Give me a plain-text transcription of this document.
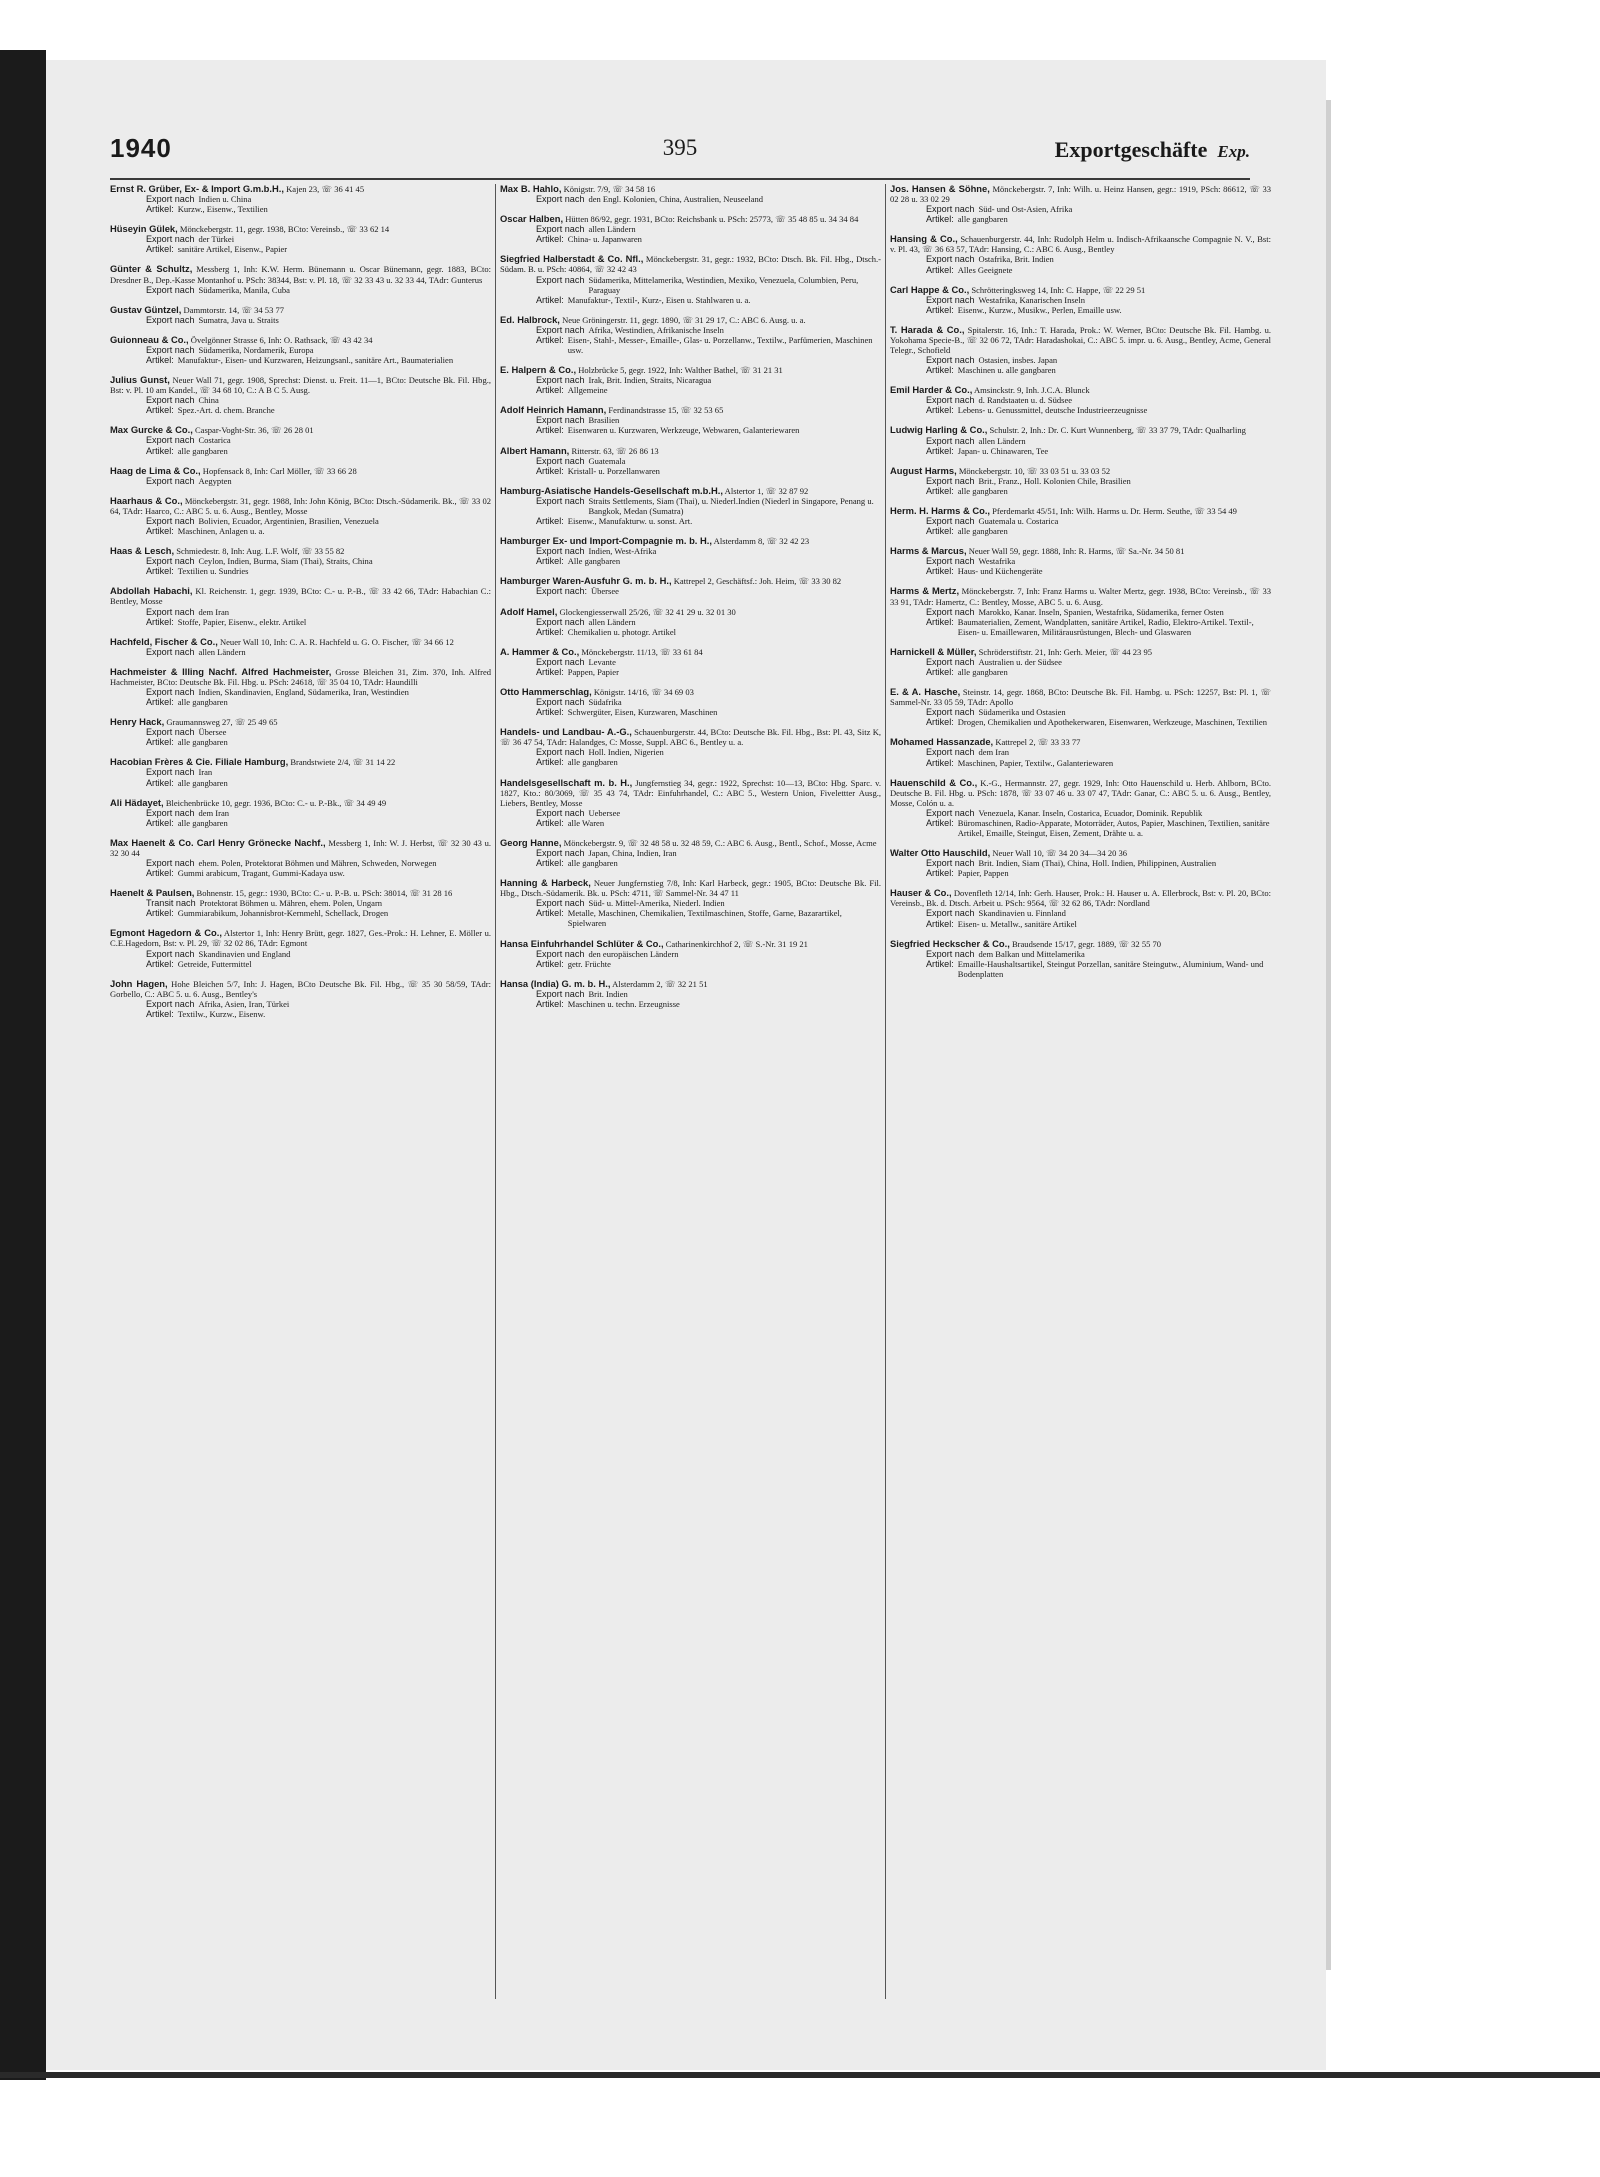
1940	395	Exportgeschäfte Exp.

Ernst R. Grüber, Ex- & Import G.m.b.H., Kajen 23, ☏ 36 41 45

Export nach Indien u. China
Artikel: Kurzw., Eisenw., Textilien

Hüseyin Gülek, Mönckebergstr. 11, gegr. 1938, BCto: Vereinsb., ☏ 33 62 14

Export nach der Türkei
Artikel: sanitäre Artikel, Eisenw., Papier

Günter & Schultz, Messberg 1, Inh: K.W. Herm. Bünemann u. Oscar Bünemann, gegr. 1883, BCto: Dresdner B., Dep.-Kasse Montanhof u. PSch: 38344, Bst: v. Pl. 18, ☏ 32 33 43 u. 32 33 44, TAdr: Gunterus

Export nach Südamerika, Manila, Cuba

Gustav Güntzel, Dammtorstr. 14, ☏ 34 53 77

Export nach Sumatra, Java u. Straits

Guionneau & Co., Övelgönner Strasse 6, Inh: O. Rathsack, ☏ 43 42 34

Export nach Südamerika, Nordamerik, Europa
Artikel: Manufaktur-, Eisen- und Kurzwaren, Heizungsanl., sanitäre Art., Baumaterialien

Julius Gunst, Neuer Wall 71, gegr. 1908, Sprechst: Dienst. u. Freit. 11—1, BCto: Deutsche Bk. Fil. Hbg., Bst: v. Pl. 10 am Kandel., ☏ 34 68 10, C.: A B C 5. Ausg.

Export nach China
Artikel: Spez.-Art. d. chem. Branche

Max Gurcke & Co., Caspar-Voght-Str. 36, ☏ 26 28 01

Export nach Costarica
Artikel: alle gangbaren

Haag de Lima & Co., Hopfensack 8, Inh: Carl Möller, ☏ 33 66 28

Export nach Aegypten

Haarhaus & Co., Mönckebergstr. 31, gegr. 1988, Inh: John König, BCto: Dtsch.-Südamerik. Bk., ☏ 33 02 64, TAdr: Haarco, C.: ABC 5. u. 6. Ausg., Bentley, Mosse

Export nach Bolivien, Ecuador, Argentinien, Brasilien, Venezuela
Artikel: Maschinen, Anlagen u. a.

Haas & Lesch, Schmiedestr. 8, Inh: Aug. L.F. Wolf, ☏ 33 55 82

Export nach Ceylon, Indien, Burma, Siam (Thai), Straits, China
Artikel: Textilien u. Sundries

Abdollah Habachi, Kl. Reichenstr. 1, gegr. 1939, BCto: C.- u. P.-B., ☏ 33 42 66, TAdr: Habachian C.: Bentley, Mosse

Export nach dem Iran
Artikel: Stoffe, Papier, Eisenw., elektr. Artikel

Hachfeld, Fischer & Co., Neuer Wall 10, Inh: C. A. R. Hachfeld u. G. O. Fischer, ☏ 34 66 12

Export nach allen Ländern

Hachmeister & Illing Nachf. Alfred Hachmeister, Grosse Bleichen 31, Zim. 370, Inh. Alfred Hachmeister, BCto: Deutsche Bk. Fil. Hbg. u. PSch: 24618, ☏ 35 04 10, TAdr: Haundilli

Export nach Indien, Skandinavien, England, Südamerika, Iran, Westindien
Artikel: alle gangbaren

Henry Hack, Graumannsweg 27, ☏ 25 49 65

Export nach Übersee
Artikel: alle gangbaren

Hacobian Frères & Cie. Filiale Hamburg, Brandstwiete 2/4, ☏ 31 14 22

Export nach Iran
Artikel: alle gangbaren

Ali Hädayet, Bleichenbrücke 10, gegr. 1936, BCto: C.- u. P.-Bk., ☏ 34 49 49

Export nach dem Iran
Artikel: alle gangbaren

Max Haenelt & Co. Carl Henry Grönecke Nachf., Messberg 1, Inh: W. J. Herbst, ☏ 32 30 43 u. 32 30 44

Export nach ehem. Polen, Protektorat Böhmen und Mähren, Schweden, Norwegen
Artikel: Gummi arabicum, Tragant, Gummi-Kadaya usw.

Haenelt & Paulsen, Bohnenstr. 15, gegr.: 1930, BCto: C.- u. P.-B. u. PSch: 38014, ☏ 31 28 16

Transit nach Protektorat Böhmen u. Mähren, ehem. Polen, Ungarn
Artikel: Gummiarabikum, Johannisbrot-Kernmehl, Schellack, Drogen

Egmont Hagedorn & Co., Alstertor 1, Inh: Henry Brütt, gegr. 1827, Ges.-Prok.: H. Lehner, E. Möller u. C.E.Hagedorn, Bst: v. Pl. 29, ☏ 32 02 86, TAdr: Egmont

Export nach Skandinavien und England
Artikel: Getreide, Futtermittel

John Hagen, Hohe Bleichen 5/7, Inh: J. Hagen, BCto Deutsche Bk. Fil. Hbg., ☏ 35 30 58/59, TAdr: Gorbello, C.: ABC 5. u. 6. Ausg., Bentley's

Export nach Afrika, Asien, Iran, Türkei
Artikel: Textilw., Kurzw., Eisenw.

Max B. Hahlo, Königstr. 7/9, ☏ 34 58 16

Export nach den Engl. Kolonien, China, Australien, Neuseeland

Oscar Halben, Hütten 86/92, gegr. 1931, BCto: Reichsbank u. PSch: 25773, ☏ 35 48 85 u. 34 34 84

Export nach allen Ländern
Artikel: China- u. Japanwaren

Siegfried Halberstadt & Co. Nfl., Mönckebergstr. 31, gegr.: 1932, BCto: Dtsch. Bk. Fil. Hbg., Dtsch.-Südam. B. u. PSch: 40864, ☏ 32 42 43

Export nach Südamerika, Mittelamerika, Westindien, Mexiko, Venezuela, Columbien, Peru, Paraguay
Artikel: Manufaktur-, Textil-, Kurz-, Eisen u. Stahlwaren u. a.

Ed. Halbrock, Neue Gröningerstr. 11, gegr. 1890, ☏ 31 29 17, C.: ABC 6. Ausg. u. a.

Export nach Afrika, Westindien, Afrikanische Inseln
Artikel: Eisen-, Stahl-, Messer-, Emaille-, Glas- u. Porzellanw., Textilw., Parfümerien, Maschinen usw.

E. Halpern & Co., Holzbrücke 5, gegr. 1922, Inh: Walther Bathel, ☏ 31 21 31

Export nach Irak, Brit. Indien, Straits, Nicaragua
Artikel: Allgemeine

Adolf Heinrich Hamann, Ferdinandstrasse 15, ☏ 32 53 65

Export nach Brasilien
Artikel: Eisenwaren u. Kurzwaren, Werkzeuge, Webwaren, Galanteriewaren

Albert Hamann, Ritterstr. 63, ☏ 26 86 13

Export nach Guatemala
Artikel: Kristall- u. Porzellanwaren

Hamburg-Asiatische Handels-Gesellschaft m.b.H., Alstertor 1, ☏ 32 87 92

Export nach Straits Settlements, Siam (Thai), u. Niederl.Indien (Niederl in Singapore, Penang u. Bangkok, Medan (Sumatra)
Artikel: Eisenw., Manufakturw. u. sonst. Art.

Hamburger Ex- und Import-Compagnie m. b. H., Alsterdamm 8, ☏ 32 42 23

Export nach Indien, West-Afrika
Artikel: Alle gangbaren

Hamburger Waren-Ausfuhr G. m. b. H., Kattrepel 2, Geschäftsf.: Joh. Heim, ☏ 33 30 82

Export nach: Übersee

Adolf Hamel, Glockengiesserwall 25/26, ☏ 32 41 29 u. 32 01 30

Export nach allen Ländern
Artikel: Chemikalien u. photogr. Artikel

A. Hammer & Co., Mönckebergstr. 11/13, ☏ 33 61 84

Export nach Levante
Artikel: Pappen, Papier

Otto Hammerschlag, Königstr. 14/16, ☏ 34 69 03

Export nach Südafrika
Artikel: Schwergüter, Eisen, Kurzwaren, Maschinen

Handels- und Landbau- A.-G., Schauenburgerstr. 44, BCto: Deutsche Bk. Fil. Hbg., Bst: Pl. 43, Sitz K, ☏ 36 47 54, TAdr: Halandges, C: Mosse, Suppl. ABC 6., Bentley u. a.

Export nach Holl. Indien, Nigerien
Artikel: alle gangbaren

Handelsgesellschaft m. b. H., Jungfernstieg 34, gegr.: 1922, Sprechst: 10—13, BCto: Hbg. Sparc. v. 1827, Kto.: 80/3069, ☏ 35 43 74, TAdr: Einfuhrhandel, C.: ABC 5., Western Union, Fivelettter Ausg., Liebers, Bentley, Mosse

Export nach Uebersee
Artikel: alle Waren

Georg Hanne, Mönckebergstr. 9, ☏ 32 48 58 u. 32 48 59, C.: ABC 6. Ausg., Bentl., Schof., Mosse, Acme

Export nach Japan, China, Indien, Iran
Artikel: alle gangbaren

Hanning & Harbeck, Neuer Jungfernstieg 7/8, Inh: Karl Harbeck, gegr.: 1905, BCto: Deutsche Bk. Fil. Hbg., Dtsch.-Südamerik. Bk. u. PSch: 4711, ☏ Sammel-Nr. 34 47 11

Export nach Süd- u. Mittel-Amerika, Niederl. Indien
Artikel: Metalle, Maschinen, Chemikalien, Textilmaschinen, Stoffe, Garne, Bazarartikel, Spielwaren

Hansa Einfuhrhandel Schlüter & Co., Catharinenkirchhof 2, ☏ S.-Nr. 31 19 21

Export nach den europäischen Ländern
Artikel: getr. Früchte

Hansa (India) G. m. b. H., Alsterdamm 2, ☏ 32 21 51

Export nach Brit. Indien
Artikel: Maschinen u. techn. Erzeugnisse

Jos. Hansen & Söhne, Mönckebergstr. 7, Inh: Wilh. u. Heinz Hansen, gegr.: 1919, PSch: 86612, ☏ 33 02 28 u. 33 02 29

Export nach Süd- und Ost-Asien, Afrika
Artikel: alle gangbaren

Hansing & Co., Schauenburgerstr. 44, Inh: Rudolph Helm u. Indisch-Afrikaansche Compagnie N. V., Bst: v. Pl. 43, ☏ 36 63 57, TAdr: Hansing, C.: ABC 6. Ausg., Bentley

Export nach Ostafrika, Brit. Indien
Artikel: Alles Geeignete

Carl Happe & Co., Schrötteringksweg 14, Inh: C. Happe, ☏ 22 29 51

Export nach Westafrika, Kanarischen Inseln
Artikel: Eisenw., Kurzw., Musikw., Perlen, Emaille usw.

T. Harada & Co., Spitalerstr. 16, Inh.: T. Harada, Prok.: W. Werner, BCto: Deutsche Bk. Fil. Hambg. u. Yokohama Specie-B., ☏ 32 06 72, TAdr: Haradashokai, C.: ABC 5. impr. u. 6. Ausg., Bentley, Acme, General Telegr., Schofield

Export nach Ostasien, insbes. Japan
Artikel: Maschinen u. alle gangbaren

Emil Harder & Co., Amsinckstr. 9, Inh. J.C.A. Blunck

Export nach d. Randstaaten u. d. Südsee
Artikel: Lebens- u. Genussmittel, deutsche Industrieerzeugnisse

Ludwig Harling & Co., Schulstr. 2, Inh.: Dr. C. Kurt Wunnenberg, ☏ 33 37 79, TAdr: Qualharling

Export nach allen Ländern
Artikel: Japan- u. Chinawaren, Tee

August Harms, Mönckebergstr. 10, ☏ 33 03 51 u. 33 03 52

Export nach Brit., Franz., Holl. Kolonien Chile, Brasilien
Artikel: alle gangbaren

Herm. H. Harms & Co., Pferdemarkt 45/51, Inh: Wilh. Harms u. Dr. Herm. Seuthe, ☏ 33 54 49

Export nach Guatemala u. Costarica
Artikel: alle gangbaren

Harms & Marcus, Neuer Wall 59, gegr. 1888, Inh: R. Harms, ☏ Sa.-Nr. 34 50 81

Export nach Westafrika
Artikel: Haus- und Küchengeräte

Harms & Mertz, Mönckebergstr. 7, Inh: Franz Harms u. Walter Mertz, gegr. 1938, BCto: Vereinsb., ☏ 33 33 91, TAdr: Hamertz, C.: Bentley, Mosse, ABC 5. u. 6. Ausg.

Export nach Marokko, Kanar. Inseln, Spanien, Westafrika, Südamerika, ferner Osten
Artikel: Baumaterialien, Zement, Wandplatten, sanitäre Artikel, Radio, Elektro-Artikel. Textil-, Eisen- u. Emaillewaren, Militärausrüstungen, Blech- und Glaswaren

Harnickell & Müller, Schröderstiftstr. 21, Inh: Gerh. Meier, ☏ 44 23 95

Export nach Australien u. der Südsee
Artikel: alle gangbaren

E. & A. Hasche, Steinstr. 14, gegr. 1868, BCto: Deutsche Bk. Fil. Hambg. u. PSch: 12257, Bst: Pl. 1, ☏ Sammel-Nr. 33 05 59, TAdr: Apollo

Export nach Südamerika und Ostasien
Artikel: Drogen, Chemikalien und Apothekerwaren, Eisenwaren, Werkzeuge, Maschinen, Textilien

Mohamed Hassanzade, Kattrepel 2, ☏ 33 33 77

Export nach dem Iran
Artikel: Maschinen, Papier, Textilw., Galanteriewaren

Hauenschild & Co., K.-G., Hermannstr. 27, gegr. 1929, Inh: Otto Hauenschild u. Herb. Ahlborn, BCto. Deutsche B. Fil. Hbg. u. PSch: 1878, ☏ 33 07 46 u. 33 07 47, TAdr: Ganar, C.: ABC 5. u. 6. Ausg., Bentley, Mosse, Colón u. a.

Export nach Venezuela, Kanar. Inseln, Costarica, Ecuador, Dominik. Republik
Artikel: Büromaschinen, Radio-Apparate, Motorräder, Autos, Papier, Maschinen, Textilien, sanitäre Artikel, Emaille, Steingut, Eisen, Zement, Drähte u. a.

Walter Otto Hauschild, Neuer Wall 10, ☏ 34 20 34—34 20 36

Export nach Brit. Indien, Siam (Thai), China, Holl. Indien, Philippinen, Australien
Artikel: Papier, Pappen

Hauser & Co., Dovenfleth 12/14, Inh: Gerh. Hauser, Prok.: H. Hauser u. A. Ellerbrock, Bst: v. Pl. 20, BCto: Vereinsb., Bk. d. Dtsch. Arbeit u. PSch: 9564, ☏ 32 62 86, TAdr: Nordland

Export nach Skandinavien u. Finnland
Artikel: Eisen- u. Metallw., sanitäre Artikel

Siegfried Heckscher & Co., Braudsende 15/17, gegr. 1889, ☏ 32 55 70

Export nach dem Balkan und Mittelamerika
Artikel: Emaille-Haushaltsartikel, Steingut Porzellan, sanitäre Steingutw., Aluminium, Wand- und Bodenplatten
